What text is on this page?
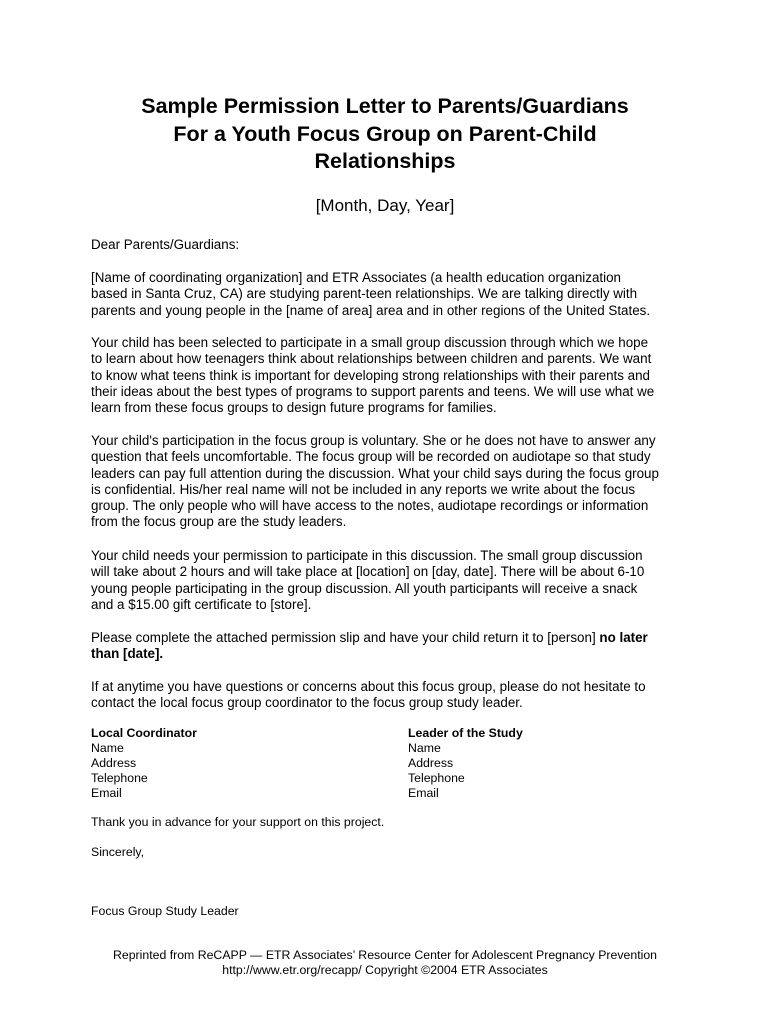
Sample Permission Letter to Parents/Guardians
For a Youth Focus Group on Parent-Child
Relationships
[Month, Day, Year]

Dear Parents/Guardians:

[Name of coordinating organization] and ETR Associates (a health education organization
based in Santa Cruz, CA) are studying parent-teen relationships. We are talking directly with
parents and young people in the [name of area] area and in other regions of the United States.

Your child has been selected to participate in a small group discussion through which we hope
to learn about how teenagers think about relationships between children and parents. We want
to know what teens think is important for developing strong relationships with their parents and
their ideas about the best types of programs to support parents and teens. We will use what we
learn from these focus groups to design future programs for families.

Your child's participation in the focus group is voluntary. She or he does not have to answer any
question that feels uncomfortable. The focus group will be recorded on audiotape so that study
leaders can pay full attention during the discussion. What your child says during the focus group
is confidential. His/her real name will not be included in any reports we write about the focus
group. The only people who will have access to the notes, audiotape recordings or information
from the focus group are the study leaders.

Your child needs your permission to participate in this discussion. The small group discussion
will take about 2 hours and will take place at [location] on [day, date]. There will be about 6-10
young people participating in the group discussion. All youth participants will receive a snack
and a $15.00 gift certificate to [store].

Please complete the attached permission slip and have your child return it to [person] no later
than [date].

If at anytime you have questions or concerns about this focus group, please do not hesitate to
contact the local focus group coordinator to the focus group study leader.

Local Coordinator
Name
Address
Telephone
Email
Leader of the Study
Name
Address
Telephone
Email
Thank you in advance for your support on this project.
Sincerely,
Focus Group Study Leader
Reprinted from ReCAPP — ETR Associates’ Resource Center for Adolescent Pregnancy Prevention
http://www.etr.org/recapp/ Copyright ©2004 ETR Associates
